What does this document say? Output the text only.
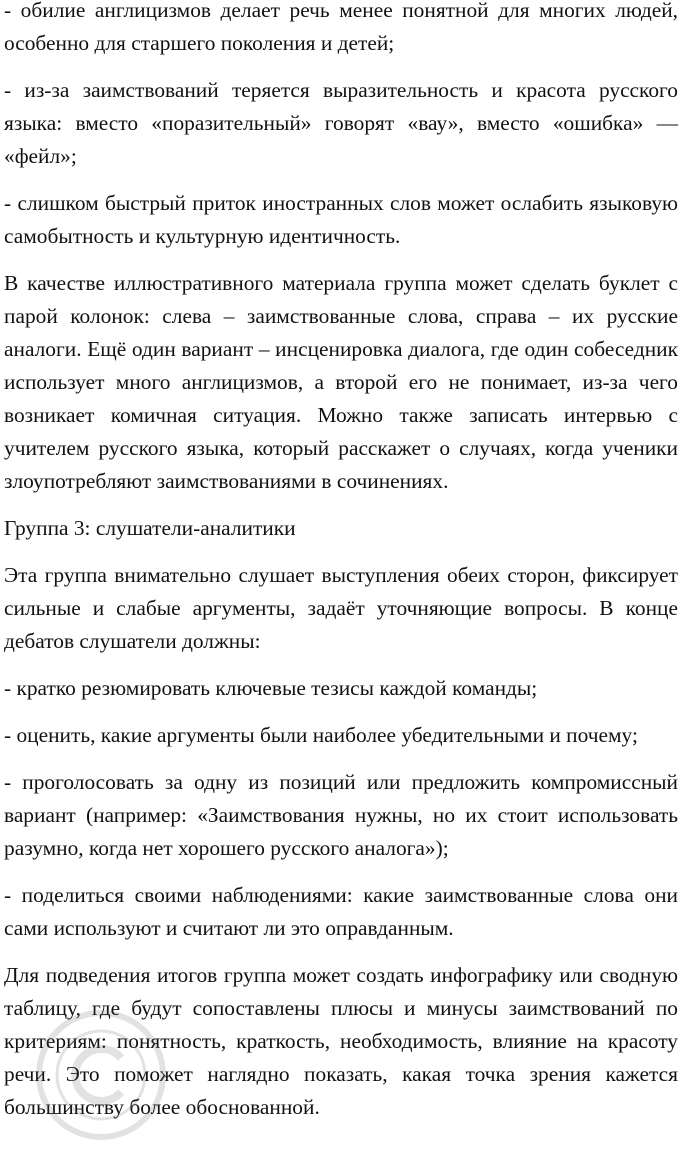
- обилие англицизмов делает речь менее понятной для многих людей, особенно для старшего поколения и детей;

- из-за заимствований теряется выразительность и красота русского языка: вместо «поразительный» говорят «вау», вместо «ошибка» — «фейл»;

- слишком быстрый приток иностранных слов может ослабить языковую самобытность и культурную идентичность.

В качестве иллюстративного материала группа может сделать буклет с парой колонок: слева – заимствованные слова, справа – их русские аналоги. Ещё один вариант – инсценировка диалога, где один собеседник использует много англицизмов, а второй его не понимает, из-за чего возникает комичная ситуация. Можно также записать интервью с учителем русского языка, который расскажет о случаях, когда ученики злоупотребляют заимствованиями в сочинениях.

Группа 3: слушатели-аналитики

Эта группа внимательно слушает выступления обеих сторон, фиксирует сильные и слабые аргументы, задаёт уточняющие вопросы. В конце дебатов слушатели должны:

- кратко резюмировать ключевые тезисы каждой команды;

- оценить, какие аргументы были наиболее убедительными и почему;

- проголосовать за одну из позиций или предложить компромиссный вариант (например: «Заимствования нужны, но их стоит использовать разумно, когда нет хорошего русского аналога»);

- поделиться своими наблюдениями: какие заимствованные слова они сами используют и считают ли это оправданным.

Для подведения итогов группа может создать инфографику или сводную таблицу, где будут сопоставлены плюсы и минусы заимствований по критериям: понятность, краткость, необходимость, влияние на красоту речи. Это поможет наглядно показать, какая точка зрения кажется большинству более обоснованной.
